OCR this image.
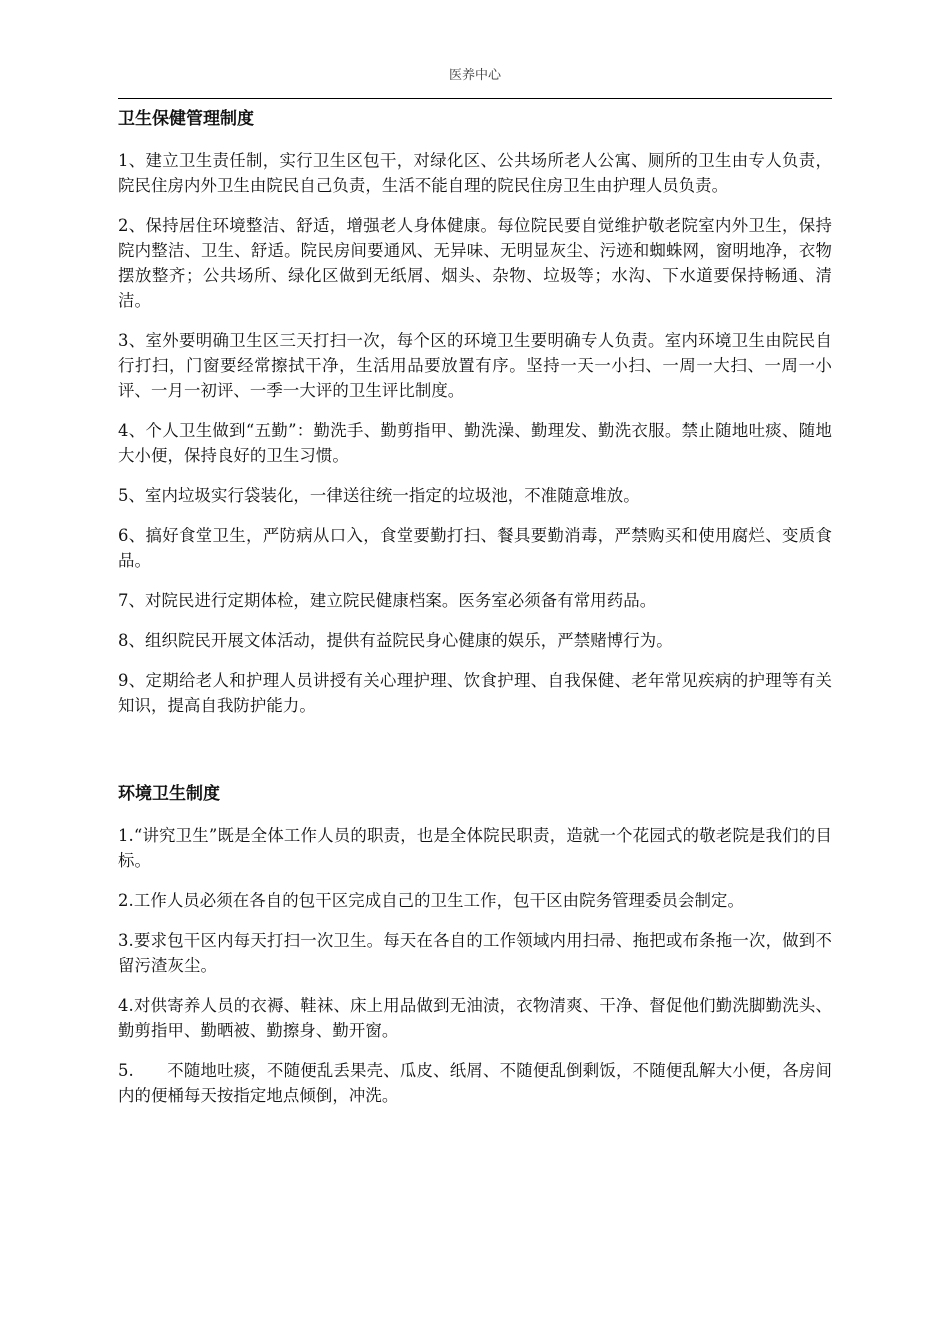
医养中心
卫生保健管理制度

1、建立卫生责任制，实行卫生区包干，对绿化区、公共场所老人公寓、厕所的卫生由专人负责，院民住房内外卫生由院民自己负责，生活不能自理的院民住房卫生由护理人员负责。

2、保持居住环境整洁、舒适，增强老人身体健康。每位院民要自觉维护敬老院室内外卫生，保持院内整洁、卫生、舒适。院民房间要通风、无异味、无明显灰尘、污迹和蜘蛛网，窗明地净，衣物摆放整齐；公共场所、绿化区做到无纸屑、烟头、杂物、垃圾等；水沟、下水道要保持畅通、清洁。

3、室外要明确卫生区三天打扫一次，每个区的环境卫生要明确专人负责。室内环境卫生由院民自行打扫，门窗要经常擦拭干净，生活用品要放置有序。坚持一天一小扫、一周一大扫、一周一小评、一月一初评、一季一大评的卫生评比制度。

4、个人卫生做到“五勤”：勤洗手、勤剪指甲、勤洗澡、勤理发、勤洗衣服。禁止随地吐痰、随地大小便，保持良好的卫生习惯。

5、室内垃圾实行袋装化，一律送往统一指定的垃圾池，不准随意堆放。

6、搞好食堂卫生，严防病从口入，食堂要勤打扫、餐具要勤消毒，严禁购买和使用腐烂、变质食品。

7、对院民进行定期体检，建立院民健康档案。医务室必须备有常用药品。

8、组织院民开展文体活动，提供有益院民身心健康的娱乐，严禁赌博行为。

9、定期给老人和护理人员讲授有关心理护理、饮食护理、自我保健、老年常见疾病的护理等有关知识，提高自我防护能力。

环境卫生制度

1.“讲究卫生”既是全体工作人员的职责，也是全体院民职责，造就一个花园式的敬老院是我们的目标。

2.工作人员必须在各自的包干区完成自己的卫生工作，包干区由院务管理委员会制定。

3.要求包干区内每天打扫一次卫生。每天在各自的工作领域内用扫帚、拖把或布条拖一次，做到不留污渣灰尘。

4.对供寄养人员的衣褥、鞋袜、床上用品做到无油渍，衣物清爽、干净、督促他们勤洗脚勤洗头、勤剪指甲、勤晒被、勤擦身、勤开窗。

5.　　不随地吐痰，不随便乱丢果壳、瓜皮、纸屑、不随便乱倒剩饭，不随便乱解大小便，各房间内的便桶每天按指定地点倾倒，冲洗。
